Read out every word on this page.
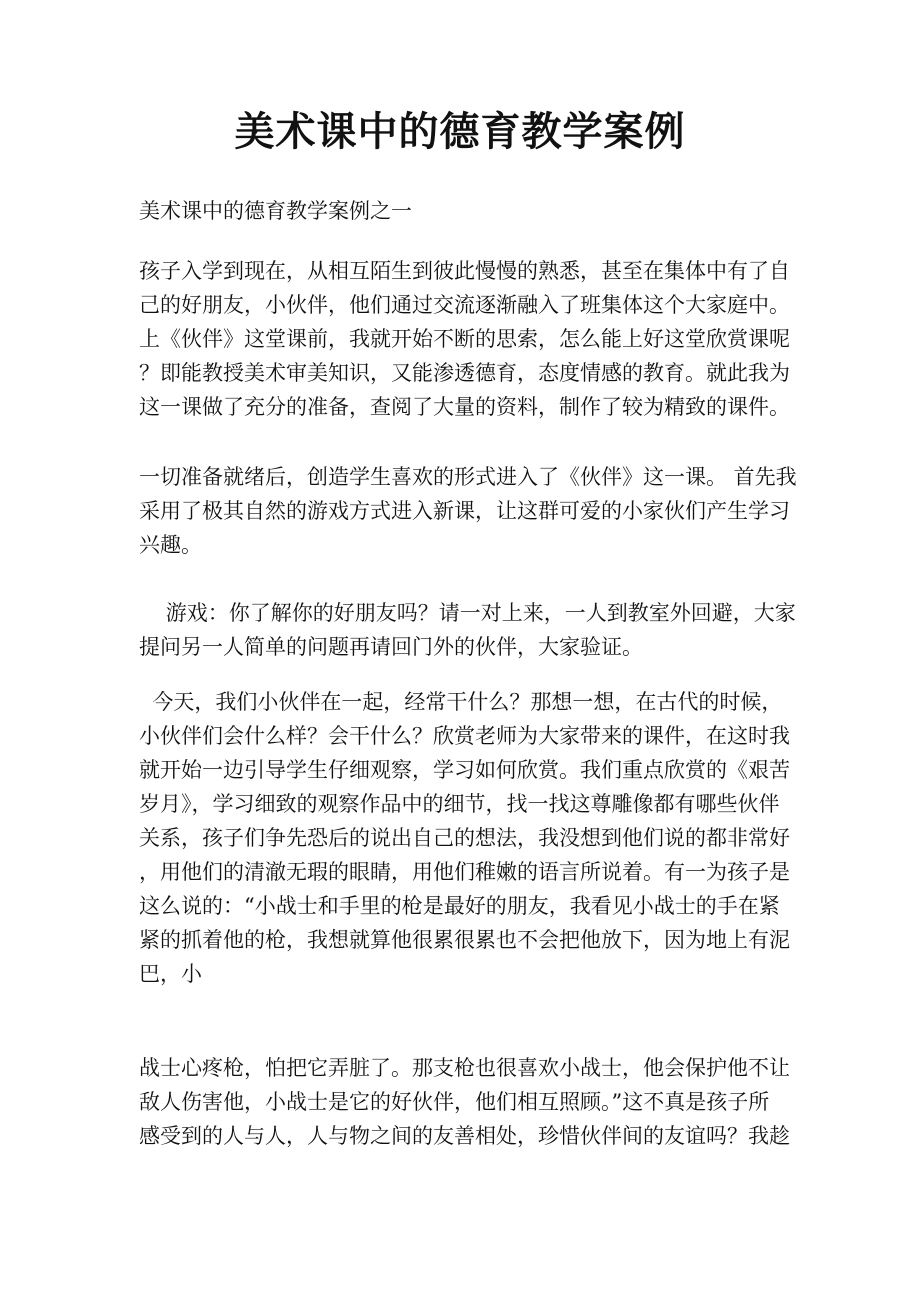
美术课中的德育教学案例

美术课中的德育教学案例之一

孩子入学到现在，从相互陌生到彼此慢慢的熟悉，甚至在集体中有了自
己的好朋友，小伙伴，他们通过交流逐渐融入了班集体这个大家庭中。
上《伙伴》这堂课前，我就开始不断的思索，怎么能上好这堂欣赏课呢
？即能教授美术审美知识，又能渗透德育，态度情感的教育。就此我为
这一课做了充分的准备，查阅了大量的资料，制作了较为精致的课件。

一切准备就绪后，创造学生喜欢的形式进入了《伙伴》这一课。 首先我
采用了极其自然的游戏方式进入新课，让这群可爱的小家伙们产生学习
兴趣。

游戏：你了解你的好朋友吗？请一对上来，一人到教室外回避，大家
提问另一人简单的问题再请回门外的伙伴，大家验证。

今天，我们小伙伴在一起，经常干什么？那想一想，在古代的时候，
小伙伴们会什么样？会干什么？欣赏老师为大家带来的课件，在这时我
就开始一边引导学生仔细观察，学习如何欣赏。我们重点欣赏的《艰苦
岁月》，学习细致的观察作品中的细节，找一找这尊雕像都有哪些伙伴
关系，孩子们争先恐后的说出自己的想法，我没想到他们说的都非常好
，用他们的清澈无瑕的眼睛，用他们稚嫩的语言所说着。有一为孩子是
这么说的：“小战士和手里的枪是最好的朋友，我看见小战士的手在紧
紧的抓着他的枪，我想就算他很累很累也不会把他放下，因为地上有泥
巴，小

战士心疼枪，怕把它弄脏了。那支枪也很喜欢小战士，他会保护他不让
敌人伤害他，小战士是它的好伙伴，他们相互照顾。”这不真是孩子所
感受到的人与人，人与物之间的友善相处，珍惜伙伴间的友谊吗？我趁
